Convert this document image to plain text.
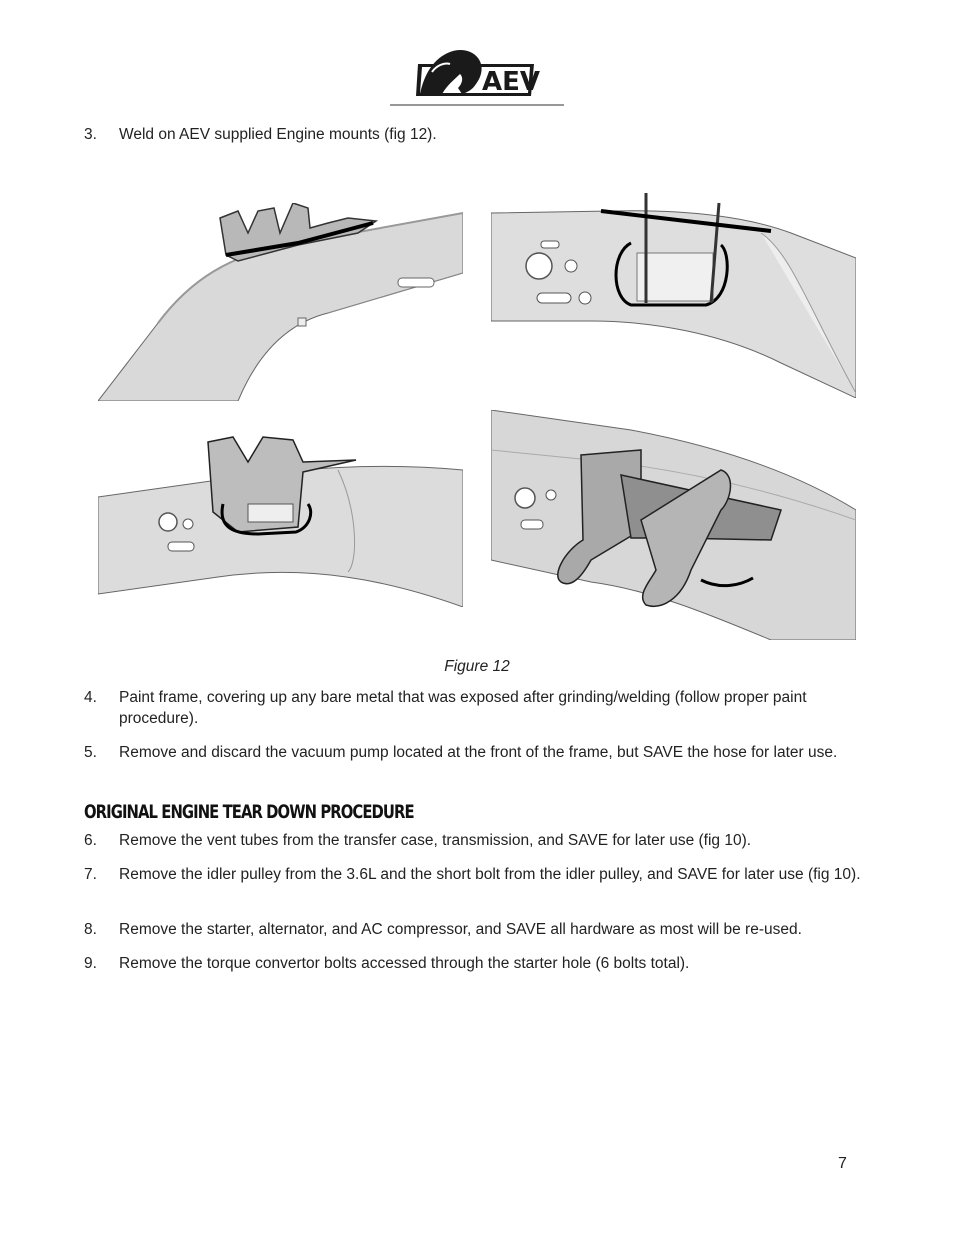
AEV
3.	Weld on AEV supplied Engine mounts (fig 12).
Figure 12
4.	Paint frame, covering up any bare metal that was exposed after grinding/welding (follow proper paint procedure).
5.	Remove and discard the vacuum pump located at the front of the frame, but SAVE the hose for later use.
ORIGINAL ENGINE TEAR DOWN PROCEDURE
6.	Remove the vent tubes from the transfer case, transmission, and SAVE for later use (fig 10).
7.	Remove the idler pulley from the 3.6L and the short bolt from the idler pulley, and SAVE for later use (fig 10).
8.	Remove the starter, alternator, and AC compressor, and SAVE all hardware as most will be re-used.
9.	Remove the torque convertor bolts accessed through the starter hole (6 bolts total).
7
